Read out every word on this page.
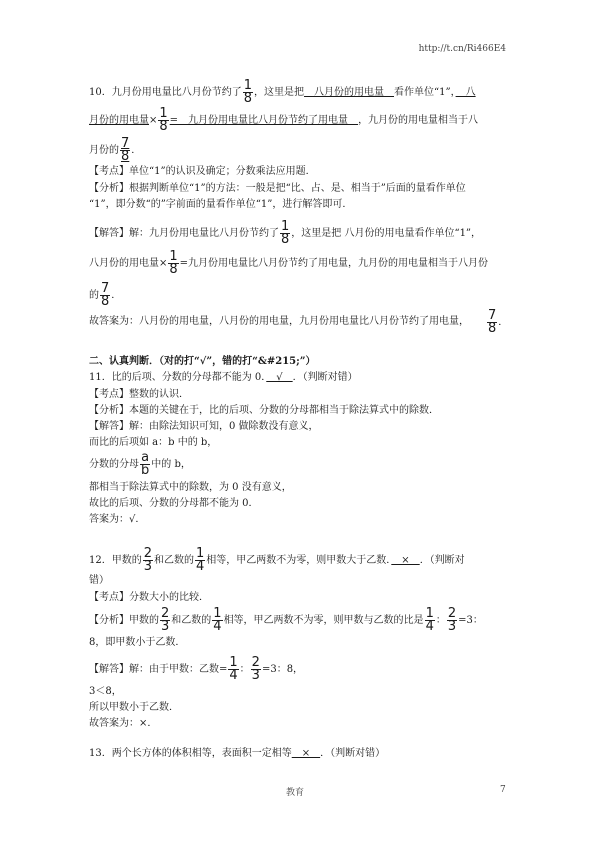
http://t.cn/Ri466E4
10．九月份用电量比八月份节约了 $\frac{1}{8}$ ，这里是把　八月份的用电量　看作单位“1”，　八
月份的用电量× $\frac{1}{8}$ =　九月份用电量比八月份节约了用电量　，九月份的用电量相当于八
月份的 $\frac{7}{8}$ ．
【考点】单位“1”的认识及确定；分数乘法应用题．
【分析】根据判断单位“1”的方法：一般是把“比、占、是、相当于”后面的量看作单位
“1”，即分数“的”字前面的量看作单位“1”，进行解答即可．
【解答】解：九月份用电量比八月份节约了 $\frac{1}{8}$ ，这里是把 八月份的用电量看作单位“1”，
八月份的用电量× $\frac{1}{8}$ =九月份用电量比八月份节约了用电量，九月份的用电量相当于八月份
的 $\frac{7}{8}$ ．
故答案为：八月份的用电量，八月份的用电量，九月份用电量比八月份节约了用电量， $\frac{7}{8}$ ．
二、认真判断．（对的打“√”，错的打“&#215;”）
11．比的后项、分数的分母都不能为 0．　√　．（判断对错）
【考点】整数的认识．
【分析】本题的关键在于，比的后项、分数的分母都相当于除法算式中的除数．
【解答】解：由除法知识可知，0 做除数没有意义，
而比的后项如 a：b 中的 b，
分数的分母 $\frac{a}{b}$ 中的 b，
都相当于除法算式中的除数，为 0 没有意义，
故比的后项、分数的分母都不能为 0．
答案为：√．
12．甲数的 $\frac{2}{3}$ 和乙数的 $\frac{1}{4}$ 相等，甲乙两数不为零，则甲数大于乙数．　×　．（判断对
错）
【考点】分数大小的比较．
【分析】甲数的 $\frac{2}{3}$ 和乙数的 $\frac{1}{4}$ 相等，甲乙两数不为零，则甲数与乙数的比是 $\frac{1}{4}$ ： $\frac{2}{3} =3$：
8，即甲数小于乙数．
【解答】解：由于甲数：乙数= $\frac{1}{4}$ ： $\frac{2}{3} =3$：8，
3＜8，
所以甲数小于乙数．
故答案为：×．
13．两个长方体的体积相等，表面积一定相等　×　．（判断对错）
教育	7
